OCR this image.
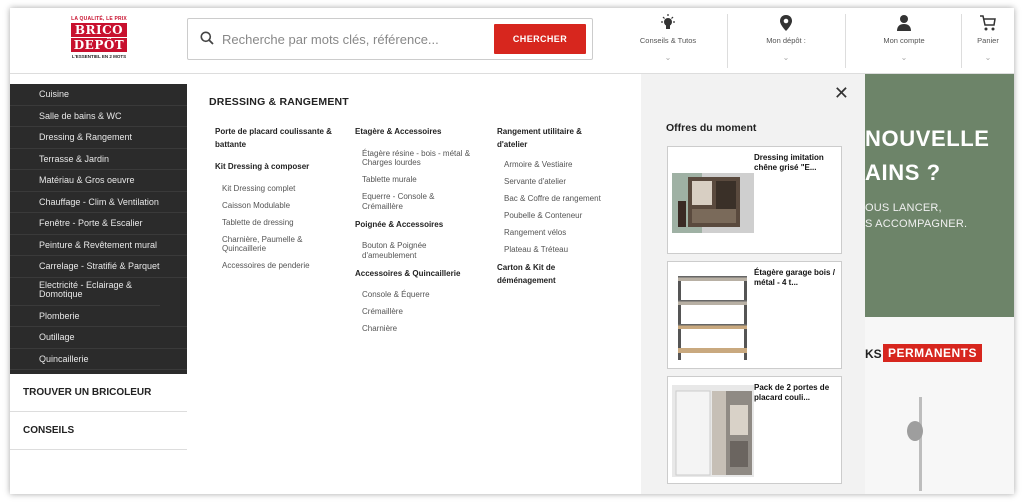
LA QUALITÉ, LE PRIX
BRICO
DEPÔT
L'ESSENTIEL EN 2 MOTS
Recherche par mots clés, référence...
CHERCHER	Conseils & Tutos
⌄
Mon dépôt :
⌄
Mon compte
⌄
Panier
⌄
Cuisine
Salle de bains & WC
Dressing & Rangement
Terrasse & Jardin
Matériau & Gros oeuvre
Chauffage - Clim & Ventilation
Fenêtre - Porte & Escalier
Peinture & Revêtement mural
Carrelage - Stratifié & Parquet
Electricité - Eclairage & Domotique
Plomberie
Outillage
Quincaillerie
TROUVER UN BRICOLEUR
CONSEILS
DRESSING & RANGEMENT
Porte de placard coulissante & battante
Kit Dressing à composer
Kit Dressing complet
Caisson Modulable
Tablette de dressing
Charnière, Paumelle & Quincaillerie
Accessoires de penderie
Etagère & Accessoires
Étagère résine - bois - métal & Charges lourdes
Tablette murale
Equerre - Console & Crémaillère
Poignée & Accessoires
Bouton & Poignée d'ameublement
Accessoires & Quincaillerie
Console & Équerre
Crémaillère
Charnière
Rangement utilitaire & d'atelier
Armoire & Vestiaire
Servante d'atelier
Bac & Coffre de rangement
Poubelle & Conteneur
Rangement vélos
Plateau & Tréteau
Carton & Kit de déménagement
✕
Offres du moment
Dressing imitation chêne grisé "E...
Étagère garage bois / métal - 4 t...
Pack de 2 portes de placard couli...
NOUVELLE
AINS ?
OUS LANCER,
S ACCOMPAGNER.
KS PERMANENTS
